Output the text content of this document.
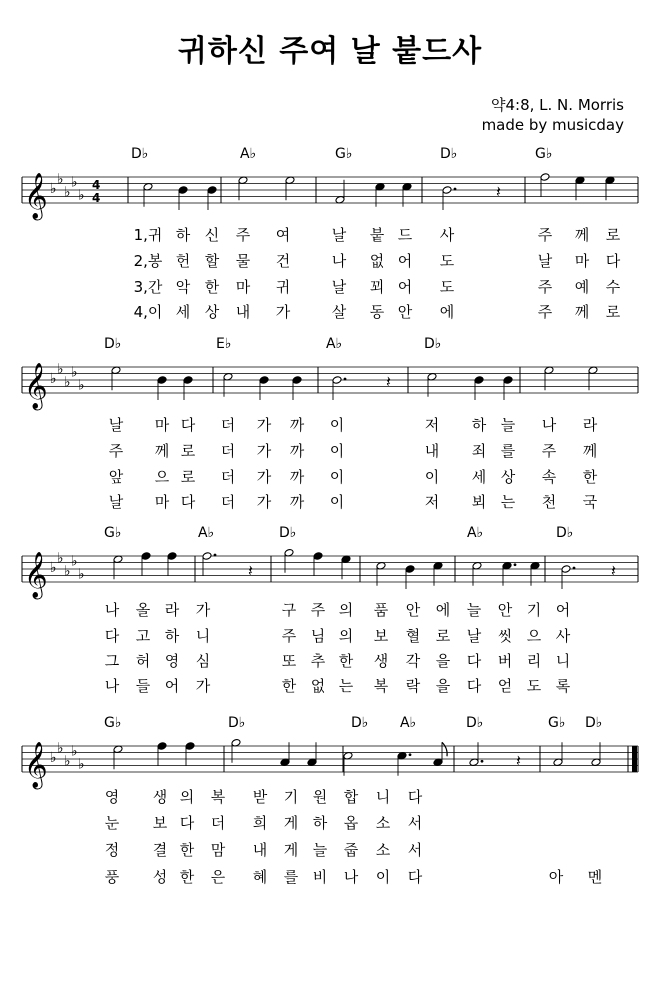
귀하신 주여 날 붙드사
약4:8, L. N. Morris
made by musicday
𝄞 ♭
♭
♭
♭
♭
4
4	𝄽
𝄞 ♭
♭
♭
♭
♭	𝄽
𝄞 ♭
♭
♭
♭
♭	𝄽	𝄽
𝄞 ♭
♭
♭
♭
♭	𝄽
D♭	A♭	G♭	D♭	G♭
1,귀 하 신 주 여	날 붙 드 사	주 께 로
2,봉 헌 할 물 건	나 없 어 도	날 마 다
3,간 악 한 마 귀	날 꾀 어 도	주 예 수
4,이 세 상 내 가	살 동 안 에	주 께 로
D♭	E♭	A♭	D♭
날 마 다 더 가 까 이	저 하 늘 나 라
주 께 로 더 가 까 이	내 죄 를 주 께
앞 으 로 더 가 까 이	이 세 상 속 한
날 마 다 더 가 까 이	저 뵈 는 천 국
G♭	A♭	D♭	A♭	D♭
나 올 라 가	구 주 의 품 안 에 늘 안 기 어
다 고 하 니	주 님 의 보 혈 로 날 씻 으 사
그 허 영 심	또 추 한 생 각 을 다 버 리 니
나 들 어 가	한 없 는 복 락 을 다 얻 도 록
G♭	D♭	D♭ A♭	D♭	G♭ D♭
영 생 의 복 받 기 원 합 니 다
눈 보 다 더 희 게 하 옵 소 서
정 결 한 맘 내 게 늘 줍 소 서
풍 성 한 은 혜 를 비 나 이 다	아 멘
